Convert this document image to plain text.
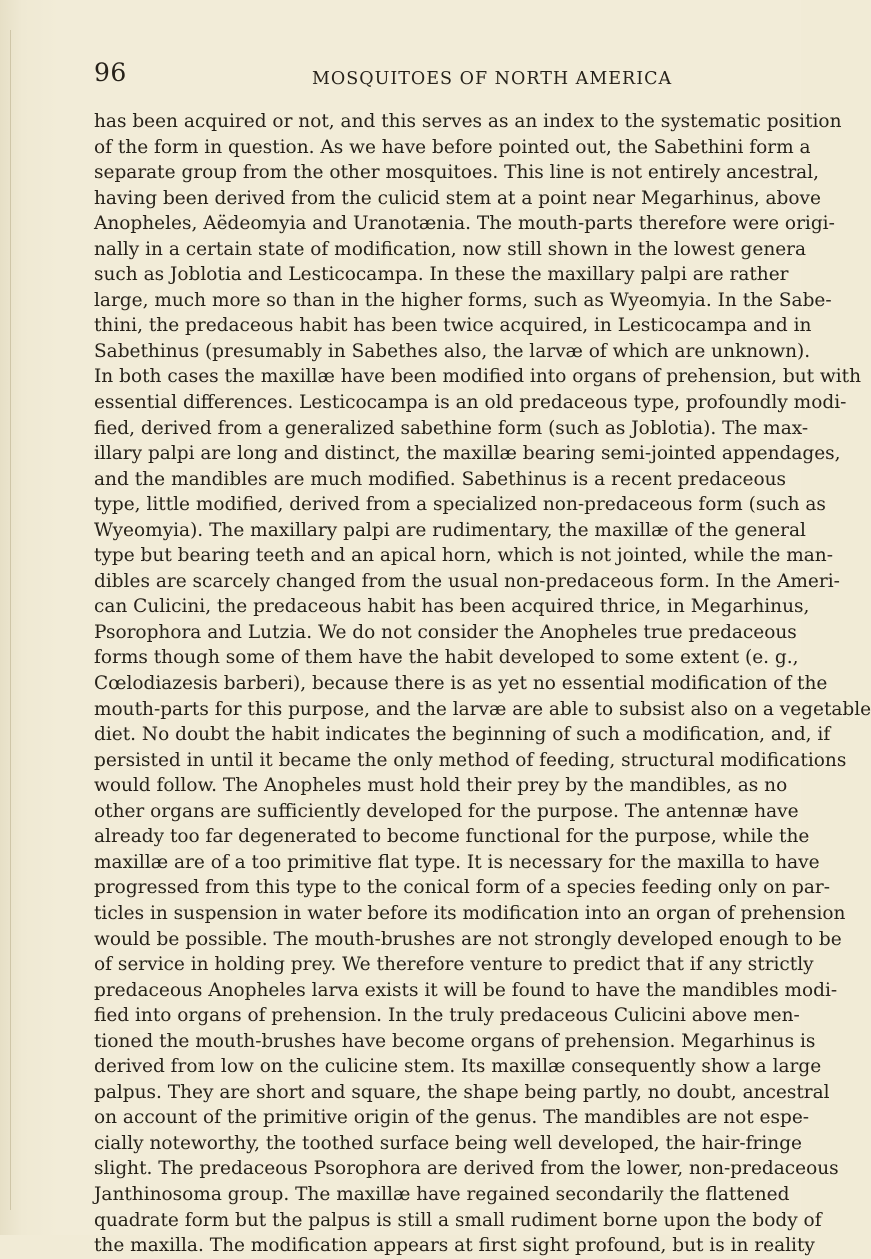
96	MOSQUITOES OF NORTH AMERICA
has been acquired or not, and this serves as an index to the systematic position
of the form in question. As we have before pointed out, the Sabethini form a
separate group from the other mosquitoes. This line is not entirely ancestral,
having been derived from the culicid stem at a point near Megarhinus, above
Anopheles, Aëdeomyia and Uranotænia. The mouth-parts therefore were origi-
nally in a certain state of modification, now still shown in the lowest genera
such as Joblotia and Lesticocampa. In these the maxillary palpi are rather
large, much more so than in the higher forms, such as Wyeomyia. In the Sabe-
thini, the predaceous habit has been twice acquired, in Lesticocampa and in
Sabethinus (presumably in Sabethes also, the larvæ of which are unknown).
In both cases the maxillæ have been modified into organs of prehension, but with
essential differences. Lesticocampa is an old predaceous type, profoundly modi-
fied, derived from a generalized sabethine form (such as Joblotia). The max-
illary palpi are long and distinct, the maxillæ bearing semi-jointed appendages,
and the mandibles are much modified. Sabethinus is a recent predaceous
type, little modified, derived from a specialized non-predaceous form (such as
Wyeomyia). The maxillary palpi are rudimentary, the maxillæ of the general
type but bearing teeth and an apical horn, which is not jointed, while the man-
dibles are scarcely changed from the usual non-predaceous form. In the Ameri-
can Culicini, the predaceous habit has been acquired thrice, in Megarhinus,
Psorophora and Lutzia. We do not consider the Anopheles true predaceous
forms though some of them have the habit developed to some extent (e. g.,
Cœlodiazesis barberi), because there is as yet no essential modification of the
mouth-parts for this purpose, and the larvæ are able to subsist also on a vegetable
diet. No doubt the habit indicates the beginning of such a modification, and, if
persisted in until it became the only method of feeding, structural modifications
would follow. The Anopheles must hold their prey by the mandibles, as no
other organs are sufficiently developed for the purpose. The antennæ have
already too far degenerated to become functional for the purpose, while the
maxillæ are of a too primitive flat type. It is necessary for the maxilla to have
progressed from this type to the conical form of a species feeding only on par-
ticles in suspension in water before its modification into an organ of prehension
would be possible. The mouth-brushes are not strongly developed enough to be
of service in holding prey. We therefore venture to predict that if any strictly
predaceous Anopheles larva exists it will be found to have the mandibles modi-
fied into organs of prehension. In the truly predaceous Culicini above men-
tioned the mouth-brushes have become organs of prehension. Megarhinus is
derived from low on the culicine stem. Its maxillæ consequently show a large
palpus. They are short and square, the shape being partly, no doubt, ancestral
on account of the primitive origin of the genus. The mandibles are not espe-
cially noteworthy, the toothed surface being well developed, the hair-fringe
slight. The predaceous Psorophora are derived from the lower, non-predaceous
Janthinosoma group. The maxillæ have regained secondarily the flattened
quadrate form but the palpus is still a small rudiment borne upon the body of
the maxilla. The modification appears at first sight profound, but is in reality
